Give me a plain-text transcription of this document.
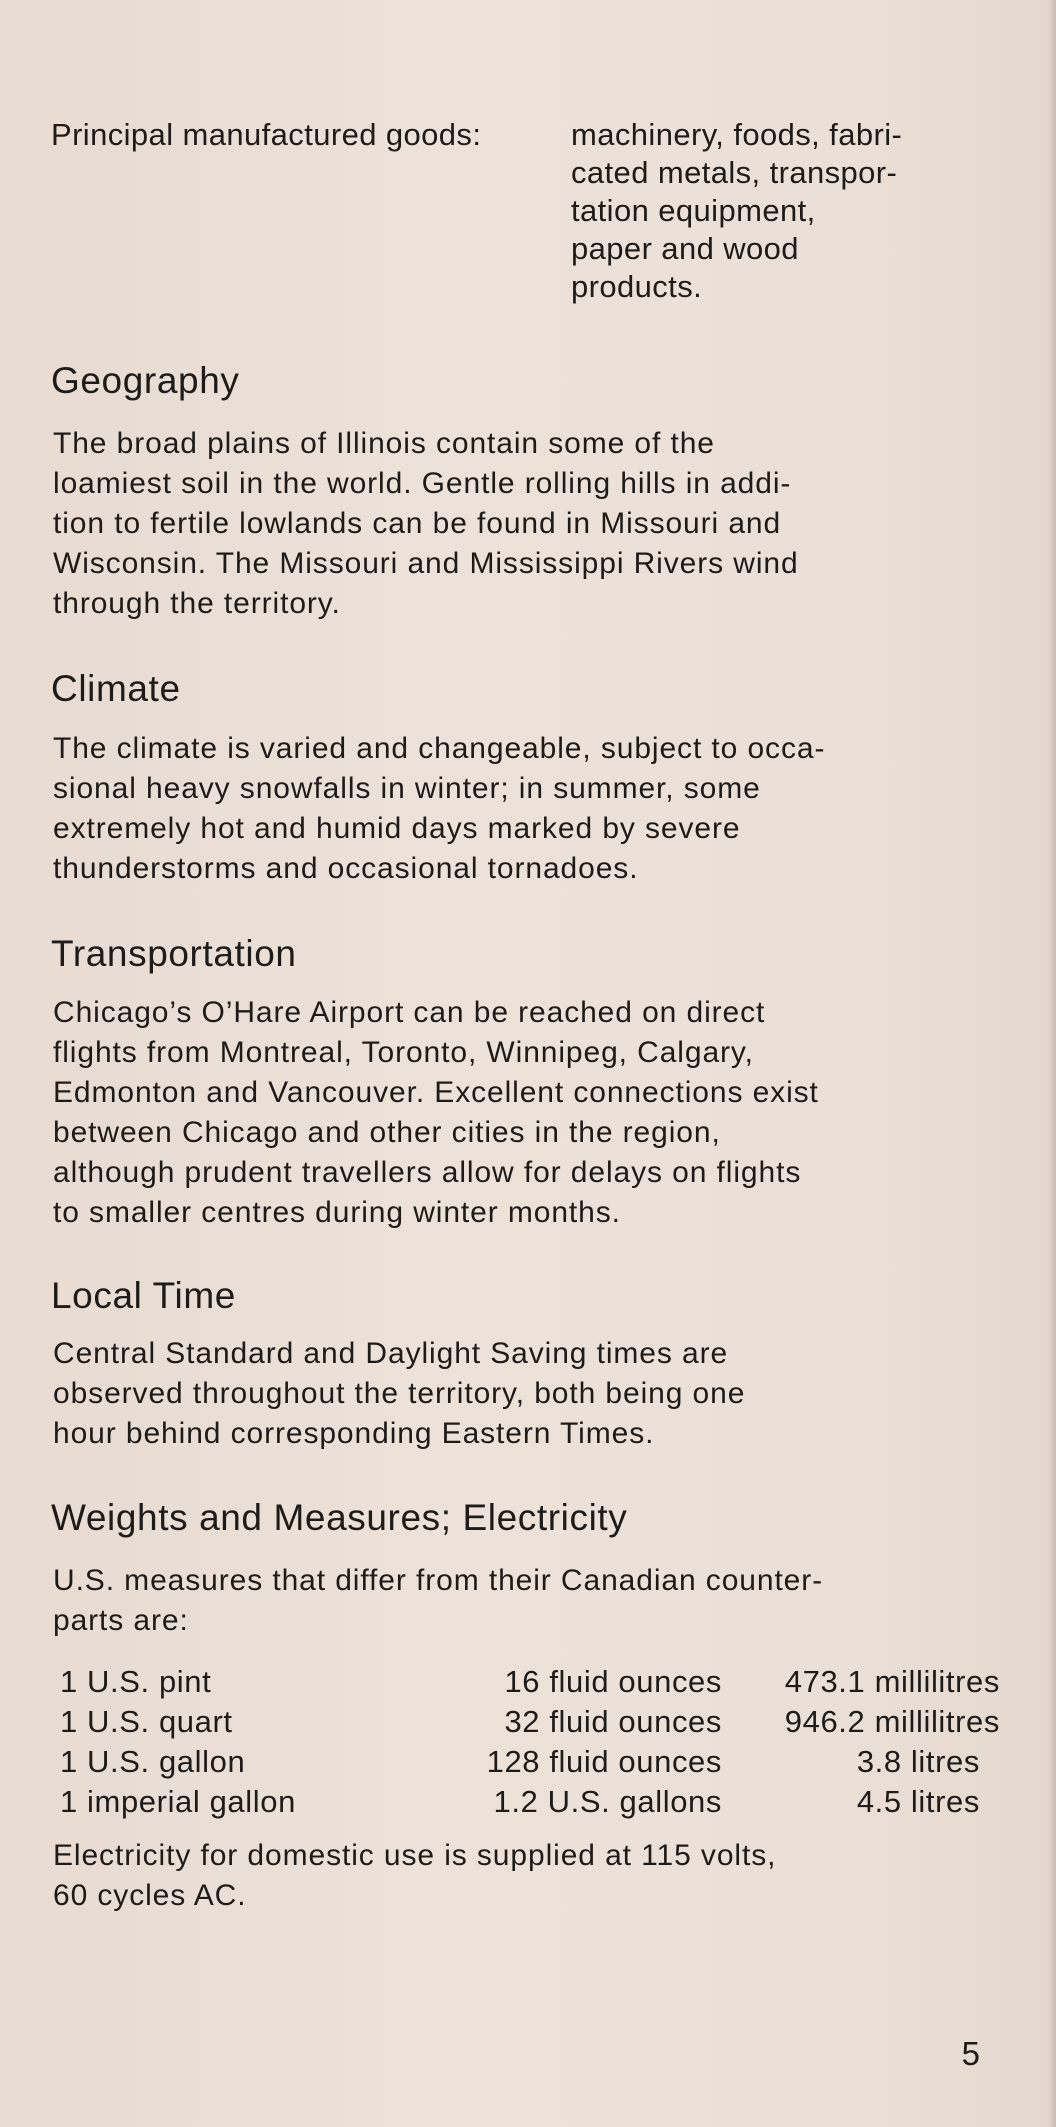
Principal manufactured goods:	machinery, foods, fabri-
cated metals, transpor-
tation equipment,
paper and wood
products.
Geography
The broad plains of Illinois contain some of the
loamiest soil in the world. Gentle rolling hills in addi-
tion to fertile lowlands can be found in Missouri and
Wisconsin. The Missouri and Mississippi Rivers wind
through the territory.
Climate
The climate is varied and changeable, subject to occa-
sional heavy snowfalls in winter; in summer, some
extremely hot and humid days marked by severe
thunderstorms and occasional tornadoes.
Transportation
Chicago’s O’Hare Airport can be reached on direct
flights from Montreal, Toronto, Winnipeg, Calgary,
Edmonton and Vancouver. Excellent connections exist
between Chicago and other cities in the region,
although prudent travellers allow for delays on flights
to smaller centres during winter months.
Local Time
Central Standard and Daylight Saving times are
observed throughout the territory, both being one
hour behind corresponding Eastern Times.
Weights and Measures; Electricity
U.S. measures that differ from their Canadian counter-
parts are:
1 U.S. pint	16 fluid ounces 473.1 millilitres
1 U.S. quart	32 fluid ounces 946.2 millilitres
1 U.S. gallon	128 fluid ounces	3.8 litres
1 imperial gallon	1.2 U.S. gallons	4.5 litres
Electricity for domestic use is supplied at 115 volts,
60 cycles AC.
5
